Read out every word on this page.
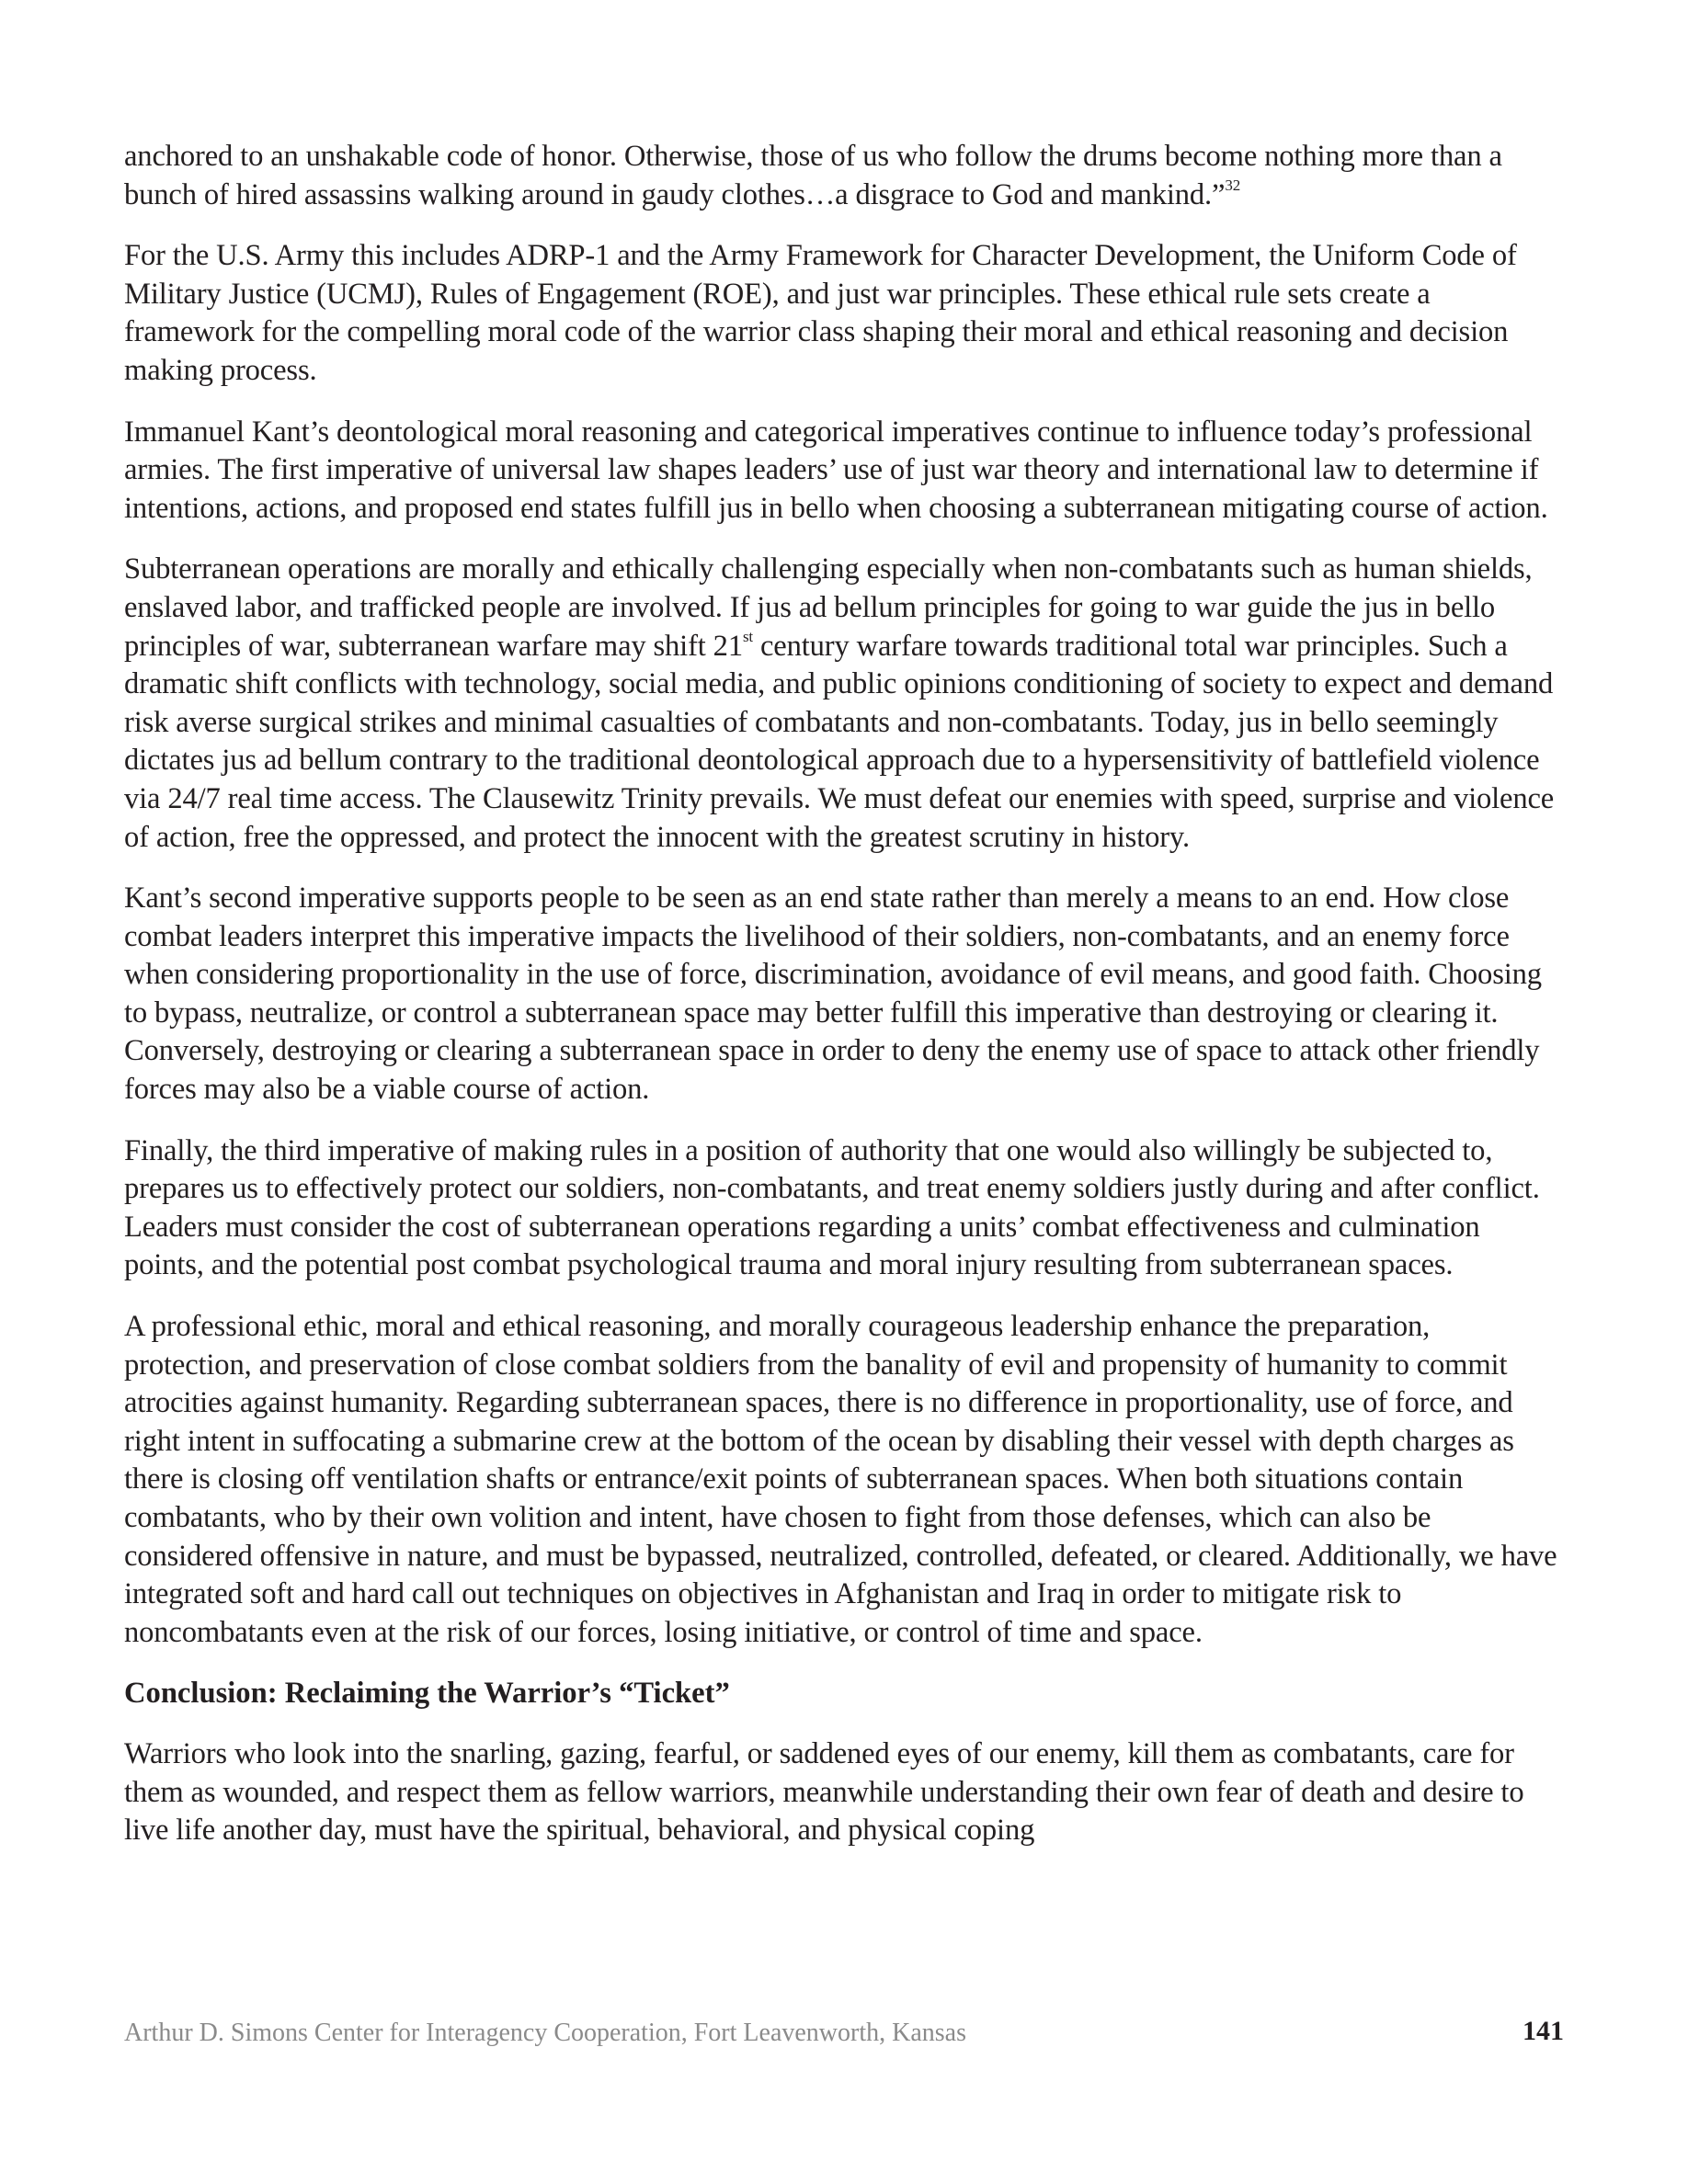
anchored to an unshakable code of honor. Otherwise, those of us who follow the drums become nothing more than a bunch of hired assassins walking around in gaudy clothes…a disgrace to God and mankind.”$^{32}$

For the U.S. Army this includes ADRP-1 and the Army Framework for Character Development, the Uniform Code of Military Justice (UCMJ), Rules of Engagement (ROE), and just war principles. These ethical rule sets create a framework for the compelling moral code of the warrior class shaping their moral and ethical reasoning and decision making process.

Immanuel Kant’s deontological moral reasoning and categorical imperatives continue to influence today’s professional armies. The first imperative of universal law shapes leaders’ use of just war theory and international law to determine if intentions, actions, and proposed end states fulfill jus in bello when choosing a subterranean mitigating course of action.

Subterranean operations are morally and ethically challenging especially when non-combatants such as human shields, enslaved labor, and trafficked people are involved. If jus ad bellum principles for going to war guide the jus in bello principles of war, subterranean warfare may shift 21st century warfare towards traditional total war principles. Such a dramatic shift conflicts with technology, social media, and public opinions conditioning of society to expect and demand risk averse surgical strikes and minimal casualties of combatants and non-combatants. Today, jus in bello seemingly dictates jus ad bellum contrary to the traditional deontological approach due to a hypersensitivity of battlefield violence via 24/7 real time access. The Clausewitz Trinity prevails. We must defeat our enemies with speed, surprise and violence of action, free the oppressed, and protect the innocent with the greatest scrutiny in history.

Kant’s second imperative supports people to be seen as an end state rather than merely a means to an end. How close combat leaders interpret this imperative impacts the livelihood of their soldiers, non-combatants, and an enemy force when considering proportionality in the use of force, discrimination, avoidance of evil means, and good faith. Choosing to bypass, neutralize, or control a subterranean space may better fulfill this imperative than destroying or clearing it. Conversely, destroying or clearing a subterranean space in order to deny the enemy use of space to attack other friendly forces may also be a viable course of action.

Finally, the third imperative of making rules in a position of authority that one would also willingly be subjected to, prepares us to effectively protect our soldiers, non-combatants, and treat enemy soldiers justly during and after conflict. Leaders must consider the cost of subterranean operations regarding a units’ combat effectiveness and culmination points, and the potential post combat psychological trauma and moral injury resulting from subterranean spaces.

A professional ethic, moral and ethical reasoning, and morally courageous leadership enhance the preparation, protection, and preservation of close combat soldiers from the banality of evil and propensity of humanity to commit atrocities against humanity. Regarding subterranean spaces, there is no difference in proportionality, use of force, and right intent in suffocating a submarine crew at the bottom of the ocean by disabling their vessel with depth charges as there is closing off ventilation shafts or entrance/exit points of subterranean spaces. When both situations contain combatants, who by their own volition and intent, have chosen to fight from those defenses, which can also be considered offensive in nature, and must be bypassed, neutralized, controlled, defeated, or cleared. Additionally, we have integrated soft and hard call out techniques on objectives in Afghanistan and Iraq in order to mitigate risk to noncombatants even at the risk of our forces, losing initiative, or control of time and space.

Conclusion: Reclaiming the Warrior’s “Ticket”

Warriors who look into the snarling, gazing, fearful, or saddened eyes of our enemy, kill them as combatants, care for them as wounded, and respect them as fellow warriors, meanwhile understanding their own fear of death and desire to live life another day, must have the spiritual, behavioral, and physical coping

Arthur D. Simons Center for Interagency Cooperation, Fort Leavenworth, Kansas	141
